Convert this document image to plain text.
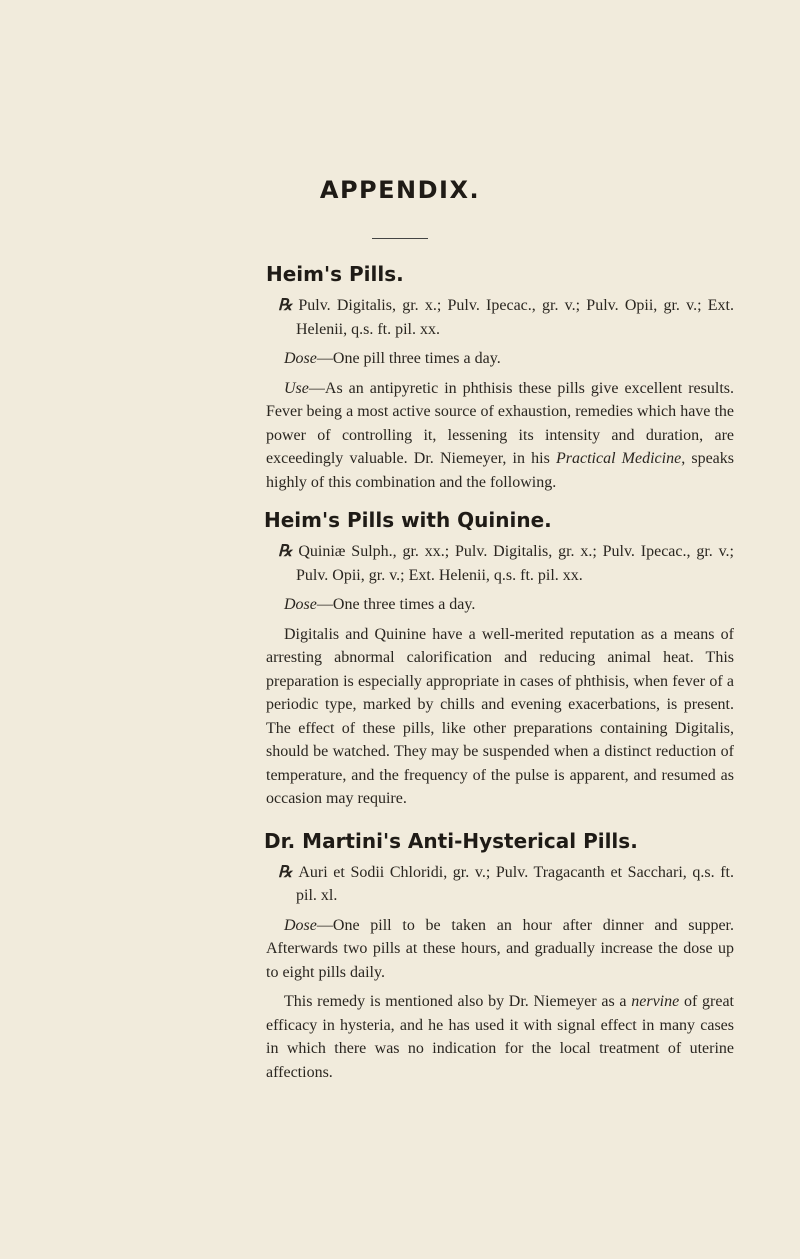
APPENDIX.
Heim's Pills.

℞ Pulv. Digitalis, gr. x.; Pulv. Ipecac., gr. v.; Pulv. Opii, gr. v.; Ext. Helenii, q.s. ft. pil. xx.

Dose—One pill three times a day.

Use—As an antipyretic in phthisis these pills give excellent results. Fever being a most active source of exhaustion, remedies which have the power of controlling it, lessening its intensity and duration, are exceedingly valuable. Dr. Niemeyer, in his Practical Medicine, speaks highly of this combination and the following.

Heim's Pills with Quinine.

℞ Quiniæ Sulph., gr. xx.; Pulv. Digitalis, gr. x.; Pulv. Ipecac., gr. v.; Pulv. Opii, gr. v.; Ext. Helenii, q.s. ft. pil. xx.

Dose—One three times a day.

Digitalis and Quinine have a well-merited reputation as a means of arresting abnormal calorification and reducing animal heat. This preparation is especially appropriate in cases of phthisis, when fever of a periodic type, marked by chills and evening exacerbations, is present. The effect of these pills, like other preparations containing Digitalis, should be watched. They may be suspended when a distinct reduction of temperature, and the frequency of the pulse is apparent, and resumed as occasion may require.

Dr. Martini's Anti-Hysterical Pills.

℞ Auri et Sodii Chloridi, gr. v.; Pulv. Tragacanth et Sacchari, q.s. ft. pil. xl.

Dose—One pill to be taken an hour after dinner and supper. Afterwards two pills at these hours, and gradually increase the dose up to eight pills daily.

This remedy is mentioned also by Dr. Niemeyer as a nervine of great efficacy in hysteria, and he has used it with signal effect in many cases in which there was no indication for the local treatment of uterine affections.
